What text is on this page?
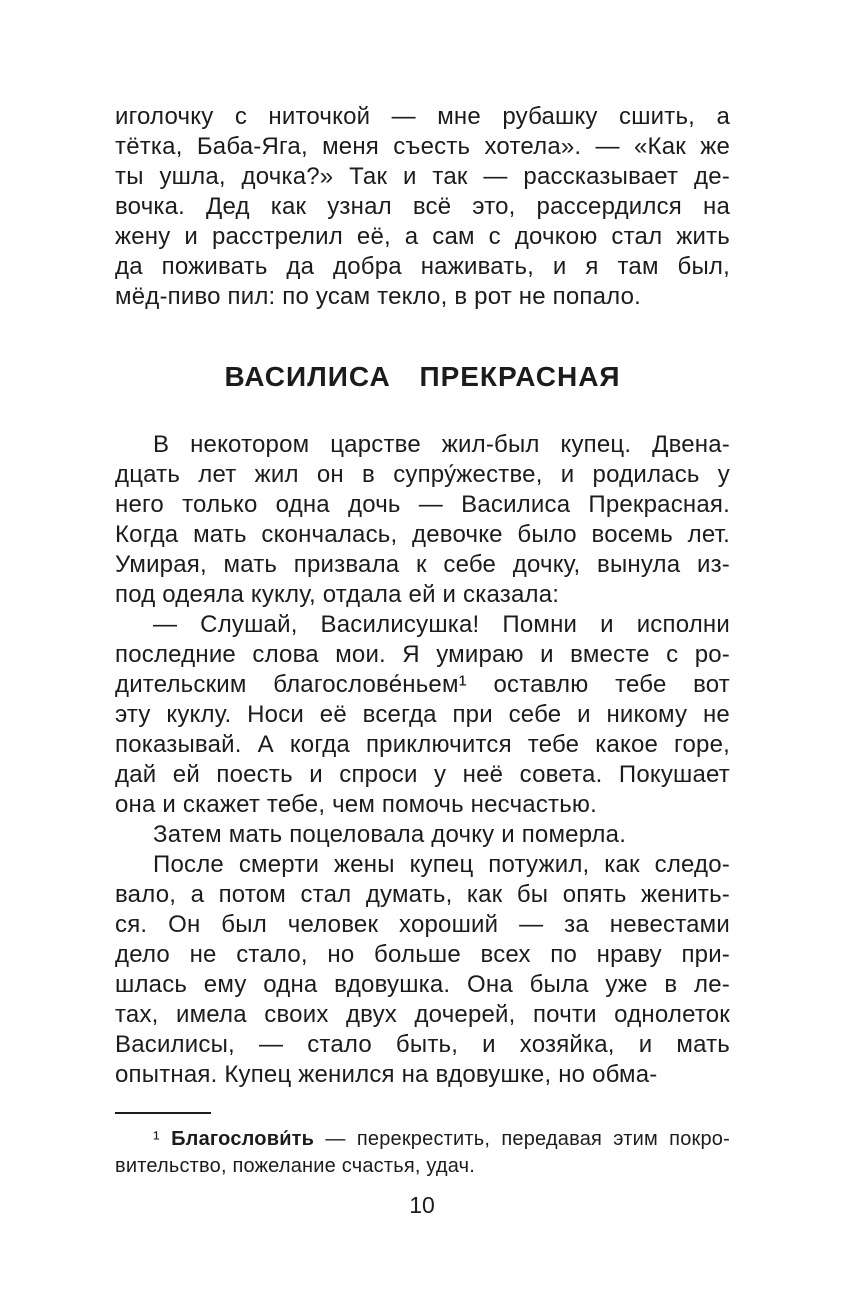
иголочку с ниточкой — мне рубашку сшить, а
тётка, Баба-Яга, меня съесть хотела». — «Как же
ты ушла, дочка?» Так и так — рассказывает де-
вочка. Дед как узнал всё это, рассердился на
жену и расстрелил её, а сам с дочкою стал жить
да поживать да добра наживать, и я там был,
мёд-пиво пил: по усам текло, в рот не попало.
ВАСИЛИСА ПРЕКРАСНАЯ
В некотором царстве жил-был купец. Двена-
дцать лет жил он в супру́жестве, и родилась у
него только одна дочь — Василиса Прекрасная.
Когда мать скончалась, девочке было восемь лет.
Умирая, мать призвала к себе дочку, вынула из-
под одеяла куклу, отдала ей и сказала:
— Слушай, Василисушка! Помни и исполни
последние слова мои. Я умираю и вместе с ро-
дительским благослове́ньем¹ оставлю тебе вот
эту куклу. Носи её всегда при себе и никому не
показывай. А когда приключится тебе какое горе,
дай ей поесть и спроси у неё совета. Покушает
она и скажет тебе, чем помочь несчастью.
Затем мать поцеловала дочку и померла.
После смерти жены купец потужил, как следо-
вало, а потом стал думать, как бы опять женить-
ся. Он был человек хороший — за невестами
дело не стало, но больше всех по нраву при-
шлась ему одна вдовушка. Она была уже в ле-
тах, имела своих двух дочерей, почти однолеток
Василисы, — стало быть, и хозяйка, и мать
опытная. Купец женился на вдовушке, но обма-
¹ Благослови́ть — перекрестить, передавая этим покро-
вительство, пожелание счастья, удач.
10
